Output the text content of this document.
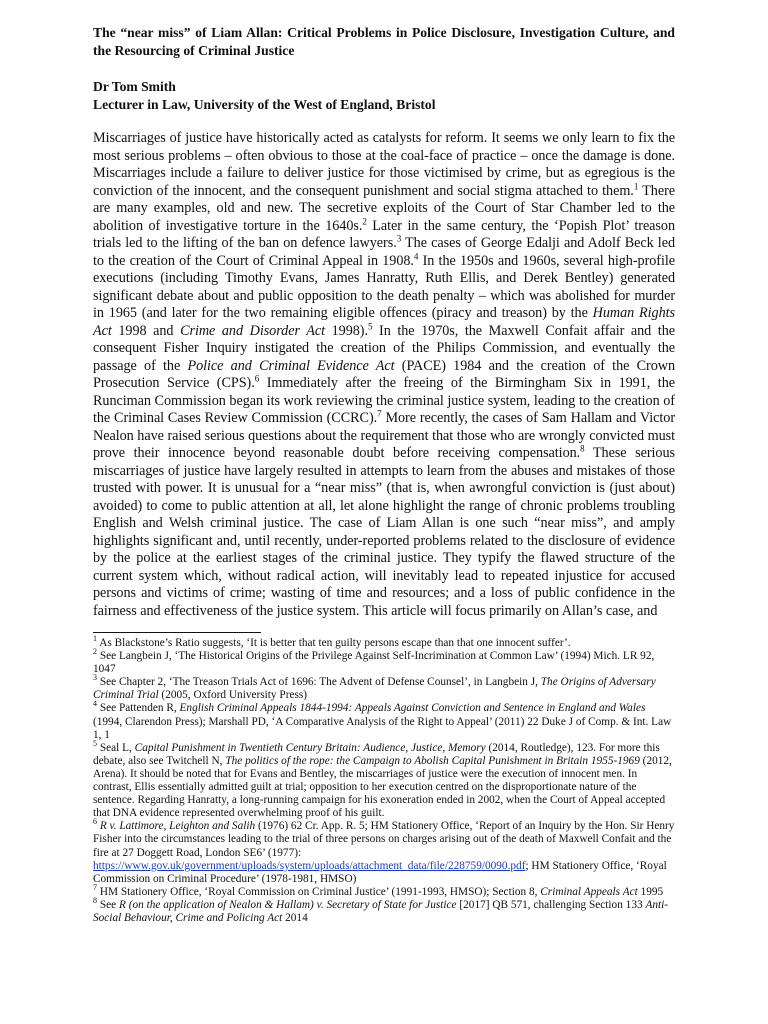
The “near miss” of Liam Allan: Critical Problems in Police Disclosure, Investigation Culture, and the Resourcing of Criminal Justice

Dr Tom Smith
Lecturer in Law, University of the West of England, Bristol
Miscarriages of justice have historically acted as catalysts for reform. It seems we only learn to fix the most serious problems – often obvious to those at the coal-face of practice – once the damage is done. Miscarriages include a failure to deliver justice for those victimised by crime, but as egregious is the conviction of the innocent, and the consequent punishment and social stigma attached to them.$^1$ There are many examples, old and new. The secretive exploits of the Court of Star Chamber led to the abolition of investigative torture in the 1640s.$^2$ Later in the same century, the ‘Popish Plot’ treason trials led to the lifting of the ban on defence lawyers.$^3$ The cases of George Edalji and Adolf Beck led to the creation of the Court of Criminal Appeal in 1908.$^4$ In the 1950s and 1960s, several high-profile executions (including Timothy Evans, James Hanratty, Ruth Ellis, and Derek Bentley) generated significant debate about and public opposition to the death penalty – which was abolished for murder in 1965 (and later for the two remaining eligible offences (piracy and treason) by the Human Rights Act 1998 and Crime and Disorder Act 1998).$^5$ In the 1970s, the Maxwell Confait affair and the consequent Fisher Inquiry instigated the creation of the Philips Commission, and eventually the passage of the Police and Criminal Evidence Act (PACE) 1984 and the creation of the Crown Prosecution Service (CPS).$^6$ Immediately after the freeing of the Birmingham Six in 1991, the Runciman Commission began its work reviewing the criminal justice system, leading to the creation of the Criminal Cases Review Commission (CCRC).$^7$ More recently, the cases of Sam Hallam and Victor Nealon have raised serious questions about the requirement that those who are wrongly convicted must prove their innocence beyond reasonable doubt before receiving compensation.$^8$ These serious miscarriages of justice have largely resulted in attempts to learn from the abuses and mistakes of those trusted with power. It is unusual for a “near miss” (that is, when awrongful conviction is (just about) avoided) to come to public attention at all, let alone highlight the range of chronic problems troubling English and Welsh criminal justice. The case of Liam Allan is one such “near miss”, and amply highlights significant and, until recently, under-reported problems related to the disclosure of evidence by the police at the earliest stages of the criminal justice. They typify the flawed structure of the current system which, without radical action, will inevitably lead to repeated injustice for accused persons and victims of crime; wasting of time and resources; and a loss of public confidence in the fairness and effectiveness of the justice system. This article will focus primarily on Allan’s case, and

$^1$ As Blackstone’s Ratio suggests, ‘It is better that ten guilty persons escape than that one innocent suffer’.

$^2$ See Langbein J, ‘The Historical Origins of the Privilege Against Self-Incrimination at Common Law’ (1994) Mich. LR 92, 1047

$^3$ See Chapter 2, ‘The Treason Trials Act of 1696: The Advent of Defense Counsel’, in Langbein J, The Origins of Adversary Criminal Trial (2005, Oxford University Press)

$^4$ See Pattenden R, English Criminal Appeals 1844-1994: Appeals Against Conviction and Sentence in England and Wales (1994, Clarendon Press); Marshall PD, ‘A Comparative Analysis of the Right to Appeal’ (2011) 22 Duke J of Comp. & Int. Law 1, 1

$^5$ Seal L, Capital Punishment in Twentieth Century Britain: Audience, Justice, Memory (2014, Routledge), 123. For more this debate, also see Twitchell N, The politics of the rope: the Campaign to Abolish Capital Punishment in Britain 1955-1969 (2012, Arena). It should be noted that for Evans and Bentley, the miscarriages of justice were the execution of innocent men. In contrast, Ellis essentially admitted guilt at trial; opposition to her execution centred on the disproportionate nature of the sentence. Regarding Hanratty, a long-running campaign for his exoneration ended in 2002, when the Court of Appeal accepted that DNA evidence represented overwhelming proof of his guilt.

$^6$ R v. Lattimore, Leighton and Salih (1976) 62 Cr. App. R. 5; HM Stationery Office, ‘Report of an Inquiry by the Hon. Sir Henry Fisher into the circumstances leading to the trial of three persons on charges arising out of the death of Maxwell Confait and the fire at 27 Doggett Road, London SE6’ (1977): https://www.gov.uk/government/uploads/system/uploads/attachment_data/file/228759/0090.pdf; HM Stationery Office, ‘Royal Commission on Criminal Procedure’ (1978-1981, HMSO)

$^7$ HM Stationery Office, ‘Royal Commission on Criminal Justice’ (1991-1993, HMSO); Section 8, Criminal Appeals Act 1995

$^8$ See R (on the application of Nealon & Hallam) v. Secretary of State for Justice [2017] QB 571, challenging Section 133 Anti-Social Behaviour, Crime and Policing Act 2014
